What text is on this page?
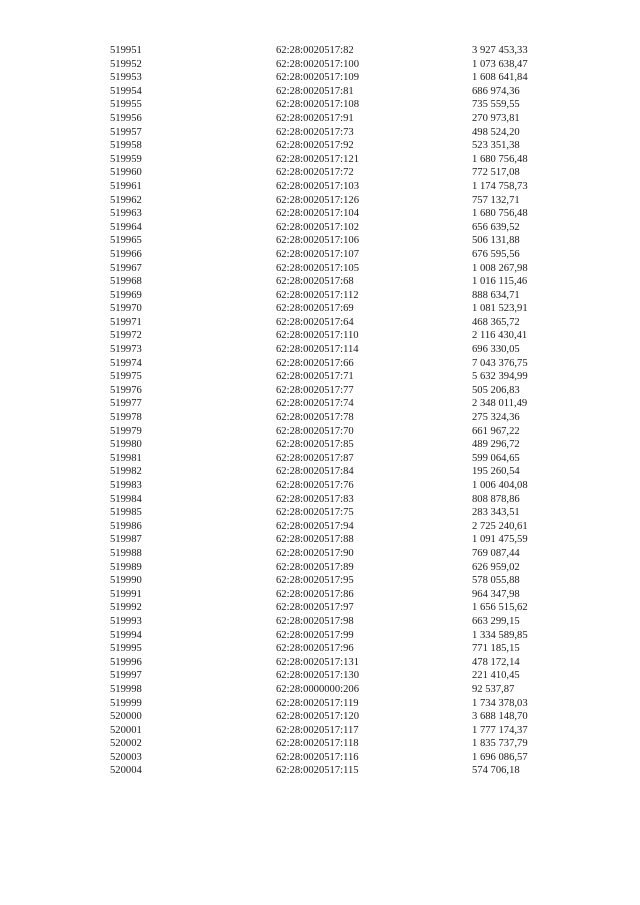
519951	62:28:0020517:82	3 927 453,33
519952	62:28:0020517:100	1 073 638,47
519953	62:28:0020517:109	1 608 641,84
519954	62:28:0020517:81	686 974,36
519955	62:28:0020517:108	735 559,55
519956	62:28:0020517:91	270 973,81
519957	62:28:0020517:73	498 524,20
519958	62:28:0020517:92	523 351,38
519959	62:28:0020517:121	1 680 756,48
519960	62:28:0020517:72	772 517,08
519961	62:28:0020517:103	1 174 758,73
519962	62:28:0020517:126	757 132,71
519963	62:28:0020517:104	1 680 756,48
519964	62:28:0020517:102	656 639,52
519965	62:28:0020517:106	506 131,88
519966	62:28:0020517:107	676 595,56
519967	62:28:0020517:105	1 008 267,98
519968	62:28:0020517:68	1 016 115,46
519969	62:28:0020517:112	888 634,71
519970	62:28:0020517:69	1 081 523,91
519971	62:28:0020517:64	468 365,72
519972	62:28:0020517:110	2 116 430,41
519973	62:28:0020517:114	696 330,05
519974	62:28:0020517:66	7 043 376,75
519975	62:28:0020517:71	5 632 394,99
519976	62:28:0020517:77	505 206,83
519977	62:28:0020517:74	2 348 011,49
519978	62:28:0020517:78	275 324,36
519979	62:28:0020517:70	661 967,22
519980	62:28:0020517:85	489 296,72
519981	62:28:0020517:87	599 064,65
519982	62:28:0020517:84	195 260,54
519983	62:28:0020517:76	1 006 404,08
519984	62:28:0020517:83	808 878,86
519985	62:28:0020517:75	283 343,51
519986	62:28:0020517:94	2 725 240,61
519987	62:28:0020517:88	1 091 475,59
519988	62:28:0020517:90	769 087,44
519989	62:28:0020517:89	626 959,02
519990	62:28:0020517:95	578 055,88
519991	62:28:0020517:86	964 347,98
519992	62:28:0020517:97	1 656 515,62
519993	62:28:0020517:98	663 299,15
519994	62:28:0020517:99	1 334 589,85
519995	62:28:0020517:96	771 185,15
519996	62:28:0020517:131	478 172,14
519997	62:28:0020517:130	221 410,45
519998	62:28:0000000:206	92 537,87
519999	62:28:0020517:119	1 734 378,03
520000	62:28:0020517:120	3 688 148,70
520001	62:28:0020517:117	1 777 174,37
520002	62:28:0020517:118	1 835 737,79
520003	62:28:0020517:116	1 696 086,57
520004	62:28:0020517:115	574 706,18
